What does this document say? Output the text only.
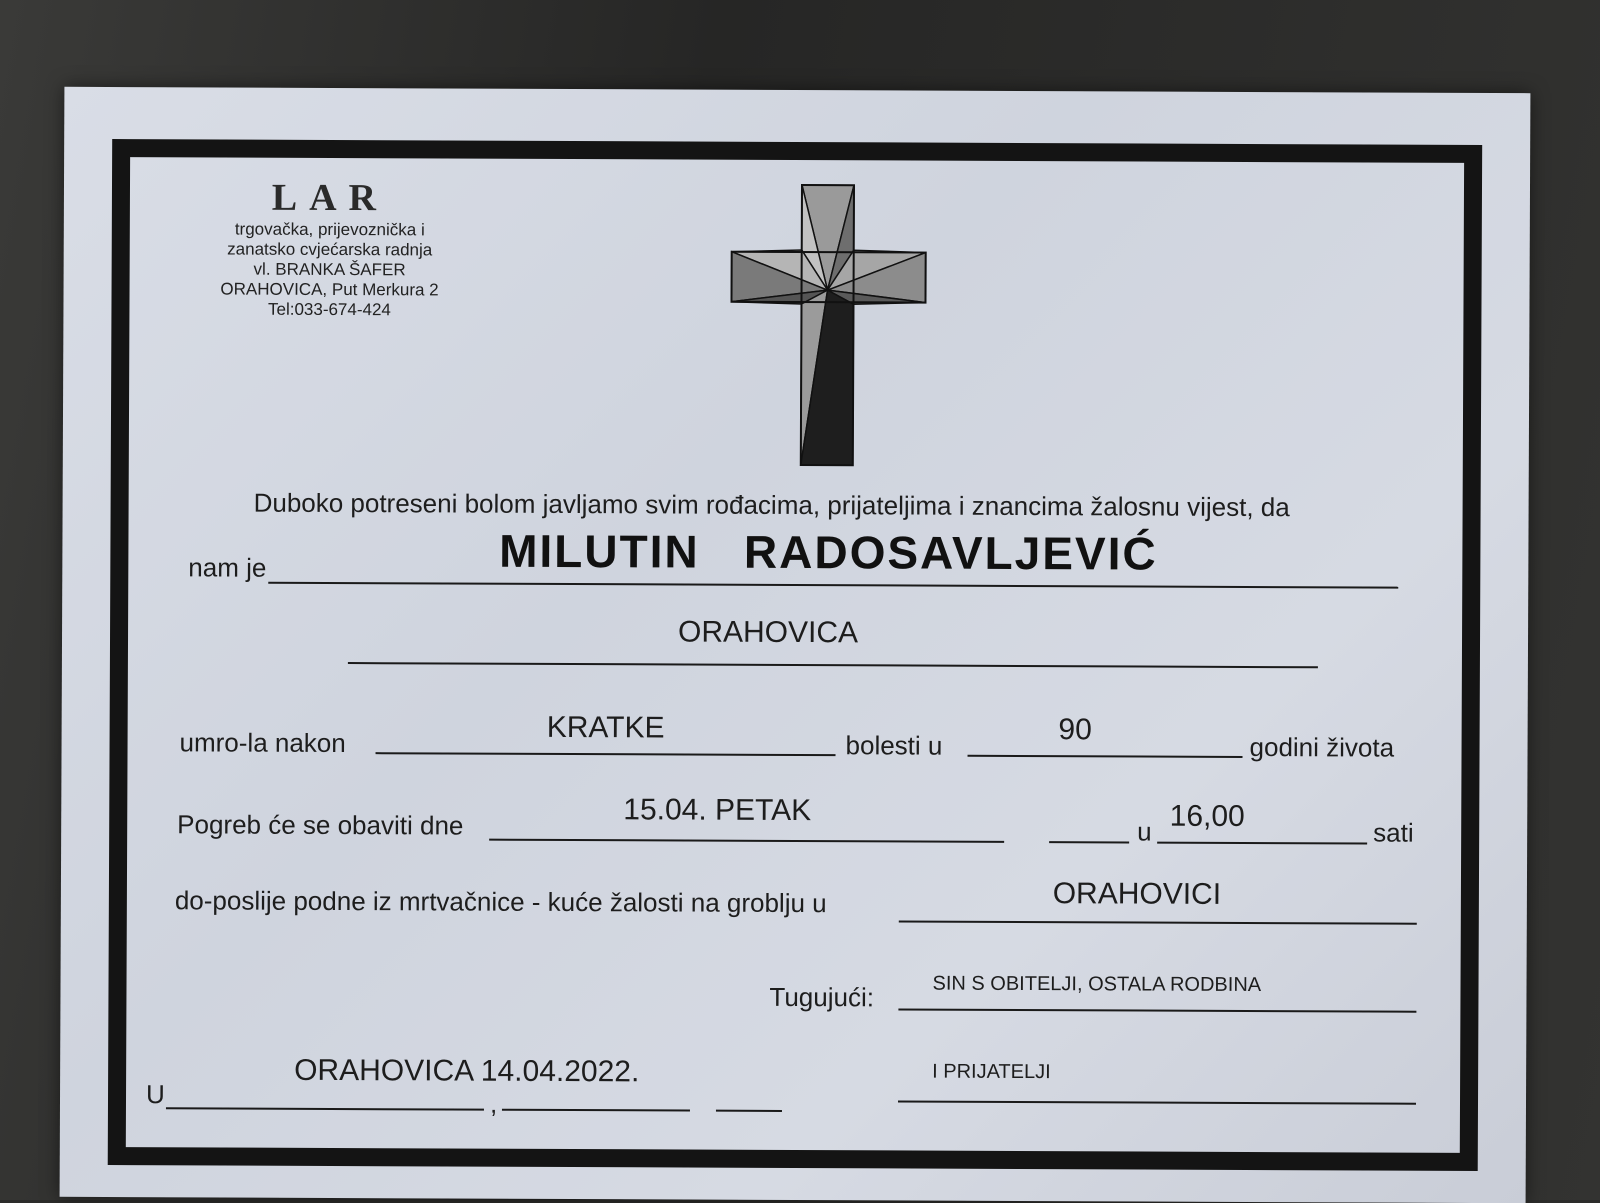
LAR
trgovačka, prijevoznička i
zanatsko cvjećarska radnja
vl. BRANKA ŠAFER
ORAHOVICA, Put Merkura 2
Tel:033-674-424
Duboko potreseni bolom javljamo svim rođacima, prijateljima i znancima žalosnu vijest, da
nam je	MILUTIN   RADOSAVLJEVIĆ
ORAHOVICA
umro-la nakon	KRATKE
bolesti u	90
godini života
Pogreb će se obaviti dne	15.04. PETAK
u 16,00	sati
do-poslije podne iz mrtvačnice - kuće žalosti na groblju u	ORAHOVICI
Tugujući:	SIN S OBITELJI, OSTALA RODBINA
I PRIJATELJI
U	,
ORAHOVICA 14.04.2022.
